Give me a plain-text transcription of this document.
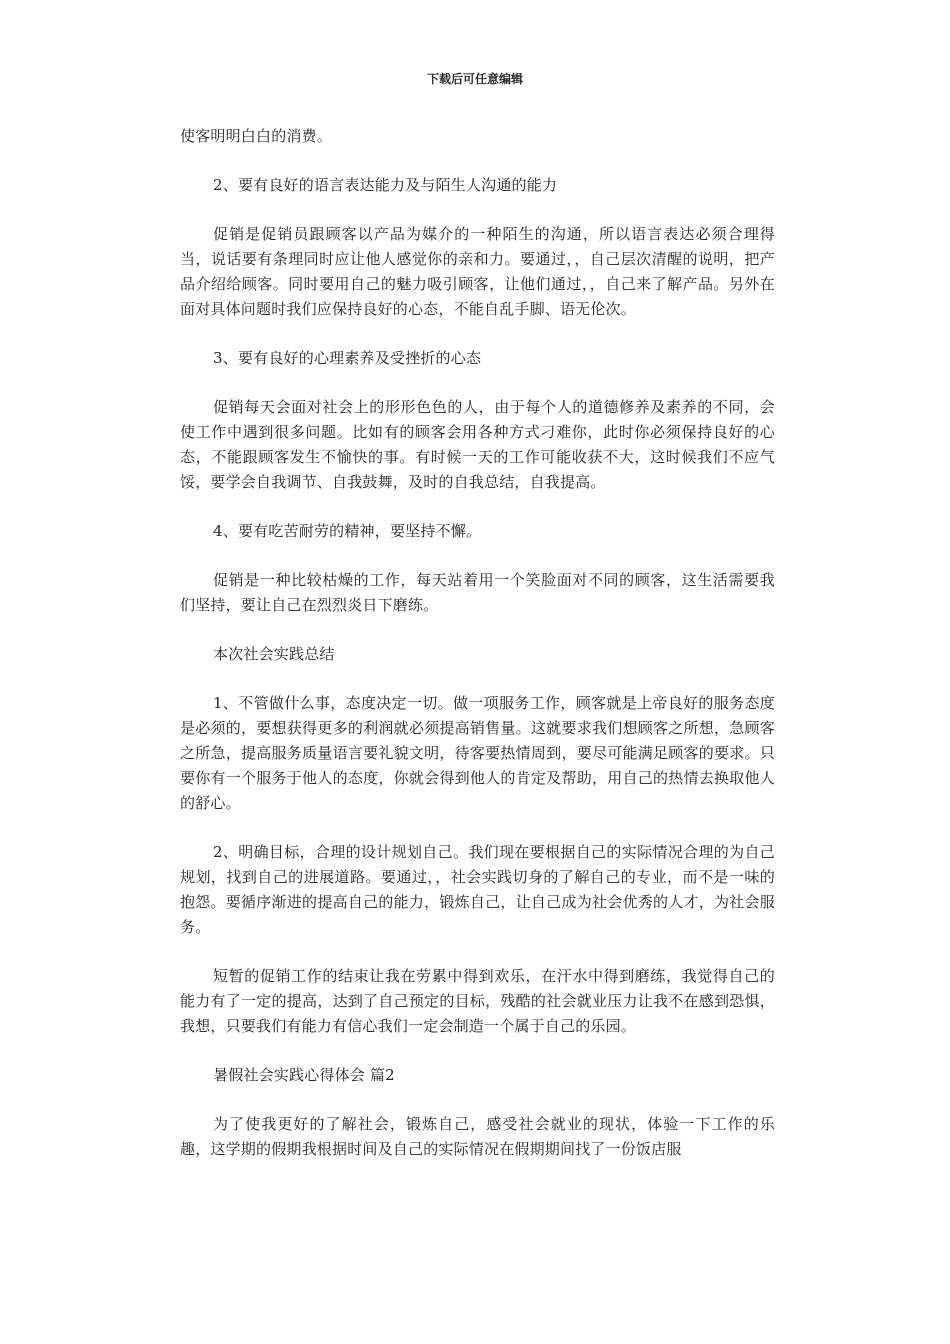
下载后可任意编辑

使客明明白白的消费。

2、要有良好的语言表达能力及与陌生人沟通的能力

促销是促销员跟顾客以产品为媒介的一种陌生的沟通，所以语言表达必须合理得当，说话要有条理同时应让他人感觉你的亲和力。要通过，，自己层次清醒的说明，把产品介绍给顾客。同时要用自己的魅力吸引顾客，让他们通过，，自己来了解产品。另外在面对具体问题时我们应保持良好的心态，不能自乱手脚、语无伦次。

3、要有良好的心理素养及受挫折的心态

促销每天会面对社会上的形形色色的人，由于每个人的道德修养及素养的不同，会使工作中遇到很多问题。比如有的顾客会用各种方式刁难你，此时你必须保持良好的心态，不能跟顾客发生不愉快的事。有时候一天的工作可能收获不大，这时候我们不应气馁，要学会自我调节、自我鼓舞，及时的自我总结，自我提高。

4、要有吃苦耐劳的精神，要坚持不懈。

促销是一种比较枯燥的工作，每天站着用一个笑脸面对不同的顾客，这生活需要我们坚持，要让自己在烈烈炎日下磨练。

本次社会实践总结

1、不管做什么事，态度决定一切。做一项服务工作，顾客就是上帝良好的服务态度是必须的，要想获得更多的利润就必须提高销售量。这就要求我们想顾客之所想，急顾客之所急，提高服务质量语言要礼貌文明，待客要热情周到，要尽可能满足顾客的要求。只要你有一个服务于他人的态度，你就会得到他人的肯定及帮助，用自己的热情去换取他人的舒心。

2、明确目标，合理的设计规划自己。我们现在要根据自己的实际情况合理的为自己规划，找到自己的进展道路。要通过，，社会实践切身的了解自己的专业，而不是一味的抱怨。要循序渐进的提高自己的能力，锻炼自己，让自己成为社会优秀的人才，为社会服务。

短暂的促销工作的结束让我在劳累中得到欢乐，在汗水中得到磨练，我觉得自己的能力有了一定的提高，达到了自己预定的目标，残酷的社会就业压力让我不在感到恐惧，我想，只要我们有能力有信心我们一定会制造一个属于自己的乐园。

暑假社会实践心得体会 篇2

为了使我更好的了解社会，锻炼自己，感受社会就业的现状，体验一下工作的乐趣，这学期的假期我根据时间及自己的实际情况在假期期间找了一份饭店服
